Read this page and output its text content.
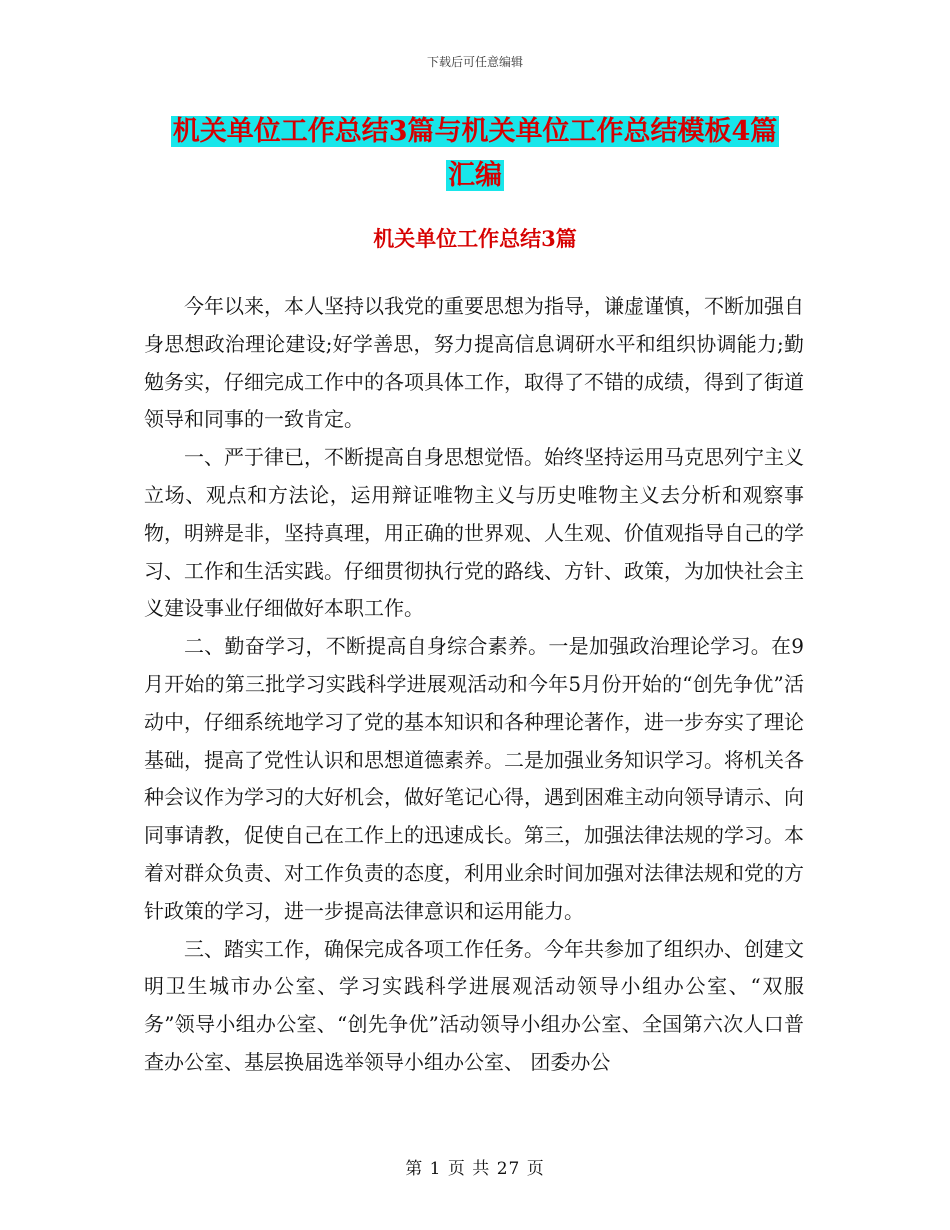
下载后可任意编辑
机关单位工作总结3篇与机关单位工作总结模板4篇
汇编
机关单位工作总结3篇

今年以来，本人坚持以我党的重要思想为指导，谦虚谨慎，不断加强自身思想政治理论建设;好学善思，努力提高信息调研水平和组织协调能力;勤勉务实，仔细完成工作中的各项具体工作，取得了不错的成绩，得到了街道领导和同事的一致肯定。

一、严于律已，不断提高自身思想觉悟。始终坚持运用马克思列宁主义立场、观点和方法论，运用辩证唯物主义与历史唯物主义去分析和观察事物，明辨是非，坚持真理，用正确的世界观、人生观、价值观指导自己的学习、工作和生活实践。仔细贯彻执行党的路线、方针、政策，为加快社会主义建设事业仔细做好本职工作。

二、勤奋学习，不断提高自身综合素养。一是加强政治理论学习。在9月开始的第三批学习实践科学进展观活动和今年5月份开始的“创先争优”活动中，仔细系统地学习了党的基本知识和各种理论著作，进一步夯实了理论基础，提高了党性认识和思想道德素养。二是加强业务知识学习。将机关各种会议作为学习的大好机会，做好笔记心得，遇到困难主动向领导请示、向同事请教，促使自己在工作上的迅速成长。第三，加强法律法规的学习。本着对群众负责、对工作负责的态度，利用业余时间加强对法律法规和党的方针政策的学习，进一步提高法律意识和运用能力。

三、踏实工作，确保完成各项工作任务。今年共参加了组织办、创建文明卫生城市办公室、学习实践科学进展观活动领导小组办公室、“双服务”领导小组办公室、“创先争优”活动领导小组办公室、全国第六次人口普查办公室、基层换届选举领导小组办公室、 团委办公

第 1 页 共 27 页
